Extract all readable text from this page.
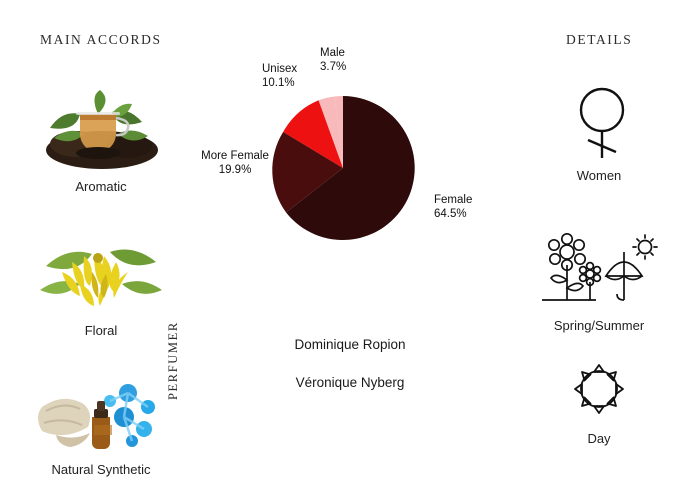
MAIN ACCORDS
Aromatic
Floral
Natural Synthetic
Male
3.7%
Unisex
10.1%
More Female
19.9%
Female
64.5%
PERFUMER	Dominique Ropion
Véronique Nyberg
DETAILS
Women
Spring/Summer
Day
